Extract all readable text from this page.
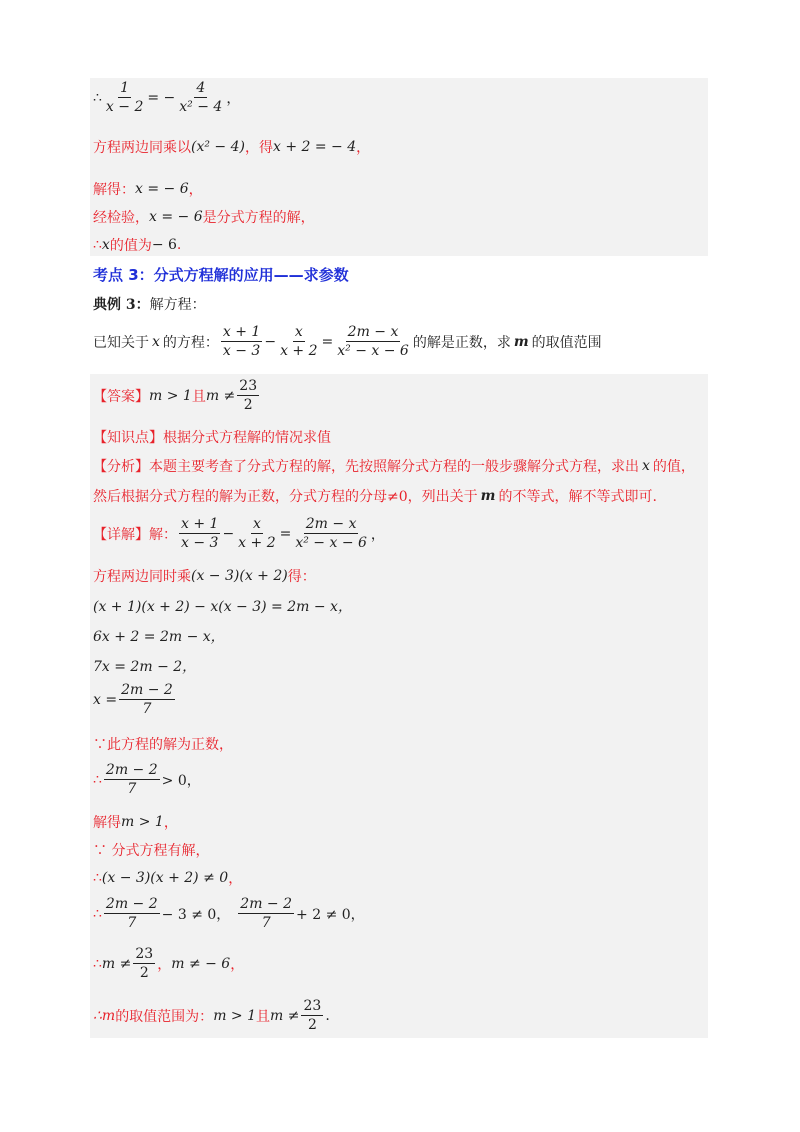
∴ $\frac{1}{x - 2}$ = − $\frac{4}{\text{x² − 4}}$ ，
方程两边同乘以 (x² − 4) ，得 x + 2 = − 4 ，
解得： x = − 6 ，
经检验， x = − 6 是分式方程的解，
∴ x 的值为 − 6 .
考点 3：分式方程解的应用——求参数
典例 3： 解方程：
已知关于 x 的方程： $\frac{x + 1}{x - 3} - \frac{x}{x + 2} = \frac{2m - x}{\text{x² − x − 6}}$ 的解是正数，求 m 的取值范围
【答案】 m > 1 且 $m \ne \frac{23}{2}$
【知识点】 根据分式方程解的情况求值
【分析】 本题主要考查了分式方程的解，先按照解分式方程的一般步骤解分式方程，求出 x 的值，
然后根据分式方程的解为正数，分式方程的分母≠0，列出关于 m 的不等式，解不等式即可.
【详解】 解： $\frac{x + 1}{x - 3} - \frac{x}{x + 2} = \frac{2m - x}{\text{x² − x − 6}}$ ，
方程两边同时乘 (x − 3)(x + 2) 得：
(x + 1)(x + 2) − x(x − 3) = 2m − x，
6x + 2 = 2m − x，
7x = 2m − 2，
$x = \frac{2m - 2}{7}$
∵此方程的解为正数，
∴ $\frac{2m - 2}{7} > 0$，
解得 m > 1 ，
∵ 分式方程有解，
∴ (x − 3)(x + 2) ≠ 0 ，
∴ $\frac{2m - 2}{7} - 3 \ne 0$， $\frac{2m - 2}{7} + 2 \ne 0$，
∴ $m \ne \frac{23}{2}$ ， m ≠ − 6 ，
∴m 的取值范围为： m > 1 且 $m \ne \frac{23}{2}$ .
